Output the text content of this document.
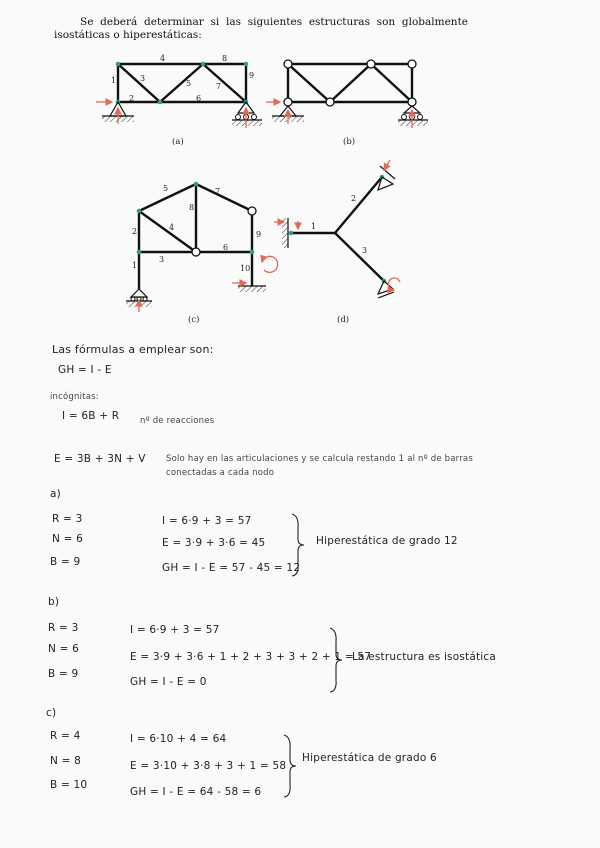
Se deberá determinar si las siguientes estructuras son globalmente isostáticas o hiperestáticas:
1
2
3
4
5
6
7
8
9
(a)	(b)
1
2
3
4
5
6
7
8
9
10
(c)
1
2
3
(d)
Las fórmulas a emplear son:
GH = I - E
incógnitas:
I = 6B + R nº de reacciones
E = 3B + 3N + V Solo hay en las articulaciones y se calcula restando 1 al nº de barras
conectadas a cada nodo
a)
R = 3
N = 6
B = 9
I = 6·9 + 3 = 57
E = 3·9 + 3·6 = 45
GH = I - E = 57 - 45 = 12
Hiperestática de grado 12
b)
R = 3
N = 6
B = 9
I = 6·9 + 3 = 57
E = 3·9 + 3·6 + 1 + 2 + 3 + 3 + 2 + 1 = 57
GH = I - E = 0
La estructura es isostática
c)
R = 4
N = 8
B = 10
I = 6·10 + 4 = 64
E = 3·10 + 3·8 + 3 + 1 = 58
GH = I - E = 64 - 58 = 6
Hiperestática de grado 6
